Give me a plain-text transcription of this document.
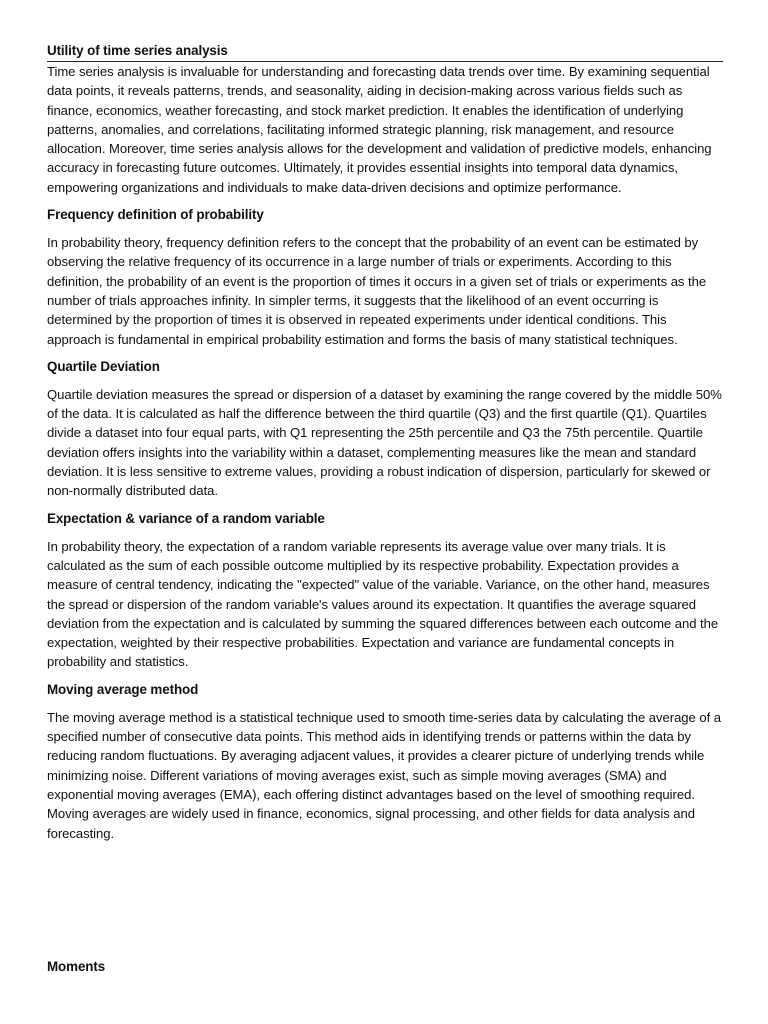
Utility of time series analysis

Time series analysis is invaluable for understanding and forecasting data trends over time. By examining sequential data points, it reveals patterns, trends, and seasonality, aiding in decision-making across various fields such as finance, economics, weather forecasting, and stock market prediction. It enables the identification of underlying patterns, anomalies, and correlations, facilitating informed strategic planning, risk management, and resource allocation. Moreover, time series analysis allows for the development and validation of predictive models, enhancing accuracy in forecasting future outcomes. Ultimately, it provides essential insights into temporal data dynamics, empowering organizations and individuals to make data-driven decisions and optimize performance.

Frequency definition of probability

In probability theory, frequency definition refers to the concept that the probability of an event can be estimated by observing the relative frequency of its occurrence in a large number of trials or experiments. According to this definition, the probability of an event is the proportion of times it occurs in a given set of trials or experiments as the number of trials approaches infinity. In simpler terms, it suggests that the likelihood of an event occurring is determined by the proportion of times it is observed in repeated experiments under identical conditions. This approach is fundamental in empirical probability estimation and forms the basis of many statistical techniques.

Quartile Deviation

Quartile deviation measures the spread or dispersion of a dataset by examining the range covered by the middle 50% of the data. It is calculated as half the difference between the third quartile (Q3) and the first quartile (Q1). Quartiles divide a dataset into four equal parts, with Q1 representing the 25th percentile and Q3 the 75th percentile. Quartile deviation offers insights into the variability within a dataset, complementing measures like the mean and standard deviation. It is less sensitive to extreme values, providing a robust indication of dispersion, particularly for skewed or non-normally distributed data.

Expectation & variance of a random variable

In probability theory, the expectation of a random variable represents its average value over many trials. It is calculated as the sum of each possible outcome multiplied by its respective probability. Expectation provides a measure of central tendency, indicating the "expected" value of the variable. Variance, on the other hand, measures the spread or dispersion of the random variable's values around its expectation. It quantifies the average squared deviation from the expectation and is calculated by summing the squared differences between each outcome and the expectation, weighted by their respective probabilities. Expectation and variance are fundamental concepts in probability and statistics.

Moving average method

The moving average method is a statistical technique used to smooth time-series data by calculating the average of a specified number of consecutive data points. This method aids in identifying trends or patterns within the data by reducing random fluctuations. By averaging adjacent values, it provides a clearer picture of underlying trends while minimizing noise. Different variations of moving averages exist, such as simple moving averages (SMA) and exponential moving averages (EMA), each offering distinct advantages based on the level of smoothing required. Moving averages are widely used in finance, economics, signal processing, and other fields for data analysis and forecasting.

Moments
